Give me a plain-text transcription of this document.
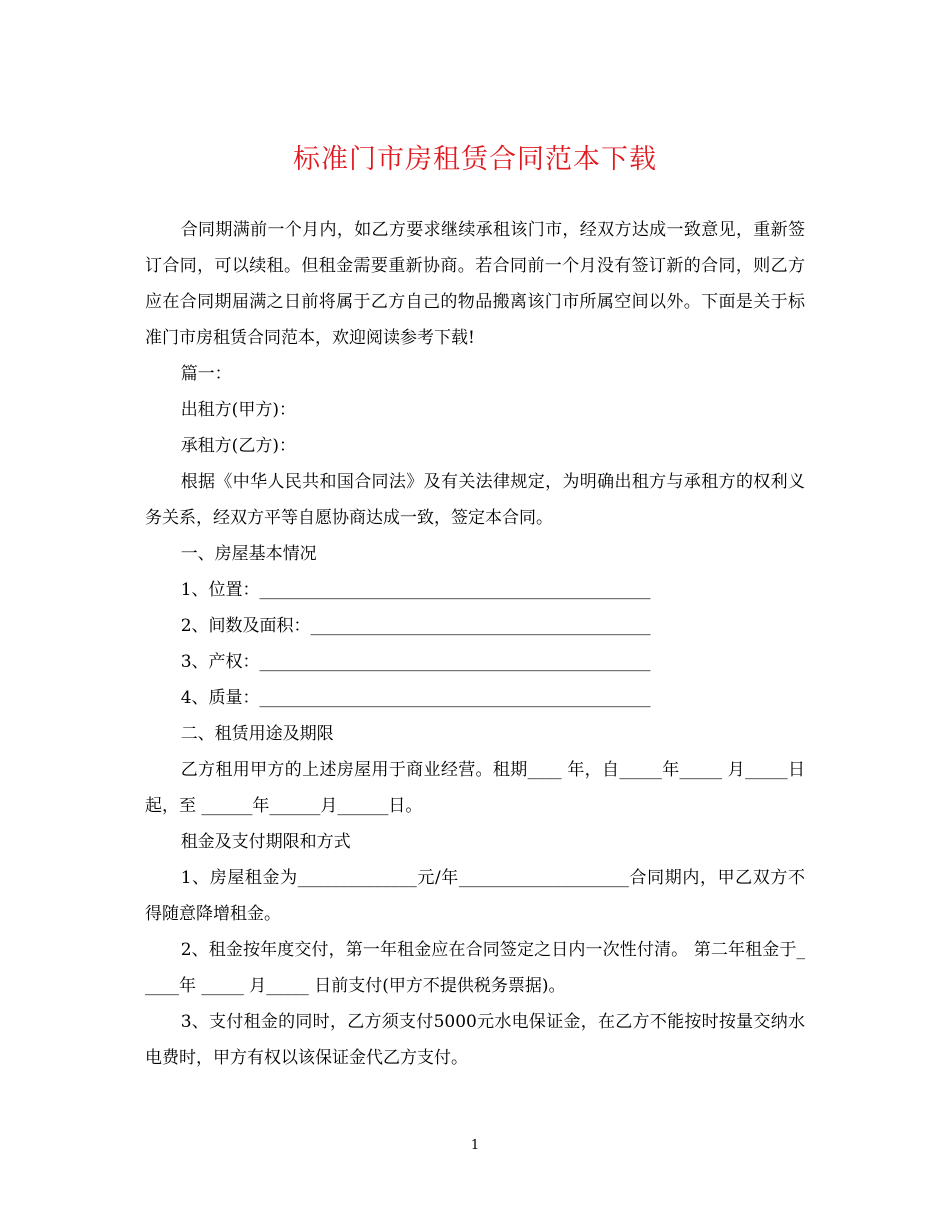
标准门市房租赁合同范本下载

合同期满前一个月内，如乙方要求继续承租该门市，经双方达成一致意见，重新签订合同，可以续租。但租金需要重新协商。若合同前一个月没有签订新的合同，则乙方应在合同期届满之日前将属于乙方自己的物品搬离该门市所属空间以外。下面是关于标准门市房租赁合同范本，欢迎阅读参考下载!

篇一：

出租方(甲方)：

承租方(乙方)：

根据《中华人民共和国合同法》及有关法律规定，为明确出租方与承租方的权利义务关系，经双方平等自愿协商达成一致，签定本合同。

一、房屋基本情况

1、位置：______________________________________________

2、间数及面积：________________________________________

3、产权：______________________________________________

4、质量：______________________________________________

二、租赁用途及期限

乙方租用甲方的上述房屋用于商业经营。租期____ 年，自_____年_____ 月_____日起，至 ______年______月______日。

租金及支付期限和方式

1、房屋租金为______________元/年____________________合同期内，甲乙双方不得随意降增租金。

2、租金按年度交付，第一年租金应在合同签定之日内一次性付清。 第二年租金于_____年 _____ 月_____ 日前支付(甲方不提供税务票据)。

3、支付租金的同时，乙方须支付5000元水电保证金，在乙方不能按时按量交纳水电费时，甲方有权以该保证金代乙方支付。

1
